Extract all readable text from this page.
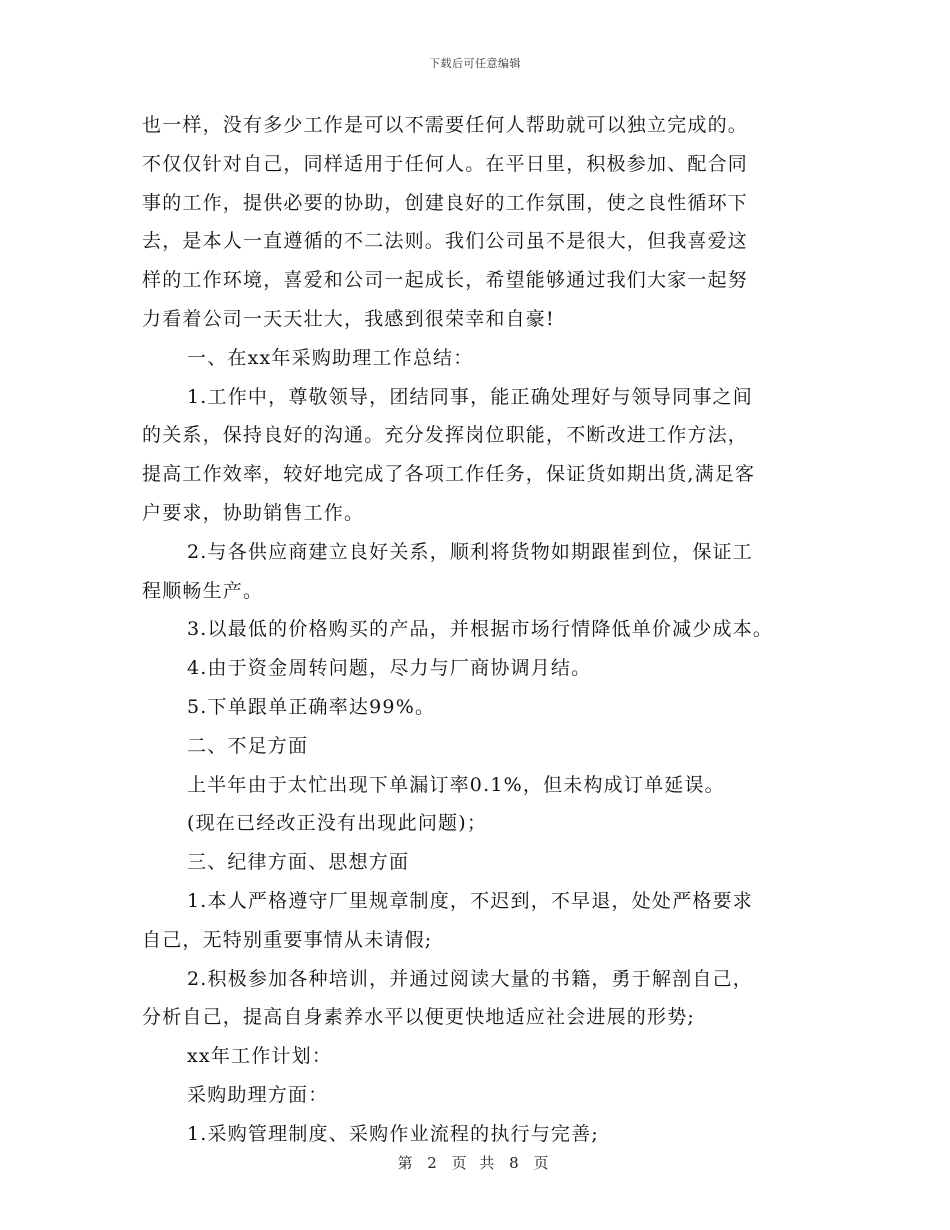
下载后可任意编辑
也一样，没有多少工作是可以不需要任何人帮助就可以独立完成的。
不仅仅针对自己，同样适用于任何人。在平日里，积极参加、配合同
事的工作，提供必要的协助，创建良好的工作氛围，使之良性循环下
去，是本人一直遵循的不二法则。我们公司虽不是很大，但我喜爱这
样的工作环境，喜爱和公司一起成长，希望能够通过我们大家一起努
力看着公司一天天壮大，我感到很荣幸和自豪!
一、在xx年采购助理工作总结：
1.工作中，尊敬领导，团结同事，能正确处理好与领导同事之间
的关系，保持良好的沟通。充分发挥岗位职能，不断改进工作方法，
提高工作效率，较好地完成了各项工作任务，保证货如期出货,满足客
户要求，协助销售工作。
2.与各供应商建立良好关系，顺利将货物如期跟崔到位，保证工
程顺畅生产。
3.以最低的价格购买的产品，并根据市场行情降低单价减少成本。
4.由于资金周转问题，尽力与厂商协调月结。
5.下单跟单正确率达99%。
二、不足方面
上半年由于太忙出现下单漏订率0.1%，但未构成订单延误。
(现在已经改正没有出现此问题)；
三、纪律方面、思想方面
1.本人严格遵守厂里规章制度，不迟到，不早退，处处严格要求
自己，无特别重要事情从未请假;
2.积极参加各种培训，并通过阅读大量的书籍，勇于解剖自己，
分析自己，提高自身素养水平以便更快地适应社会进展的形势;
xx年工作计划：
采购助理方面：
1.采购管理制度、采购作业流程的执行与完善;
第 2 页 共 8 页
